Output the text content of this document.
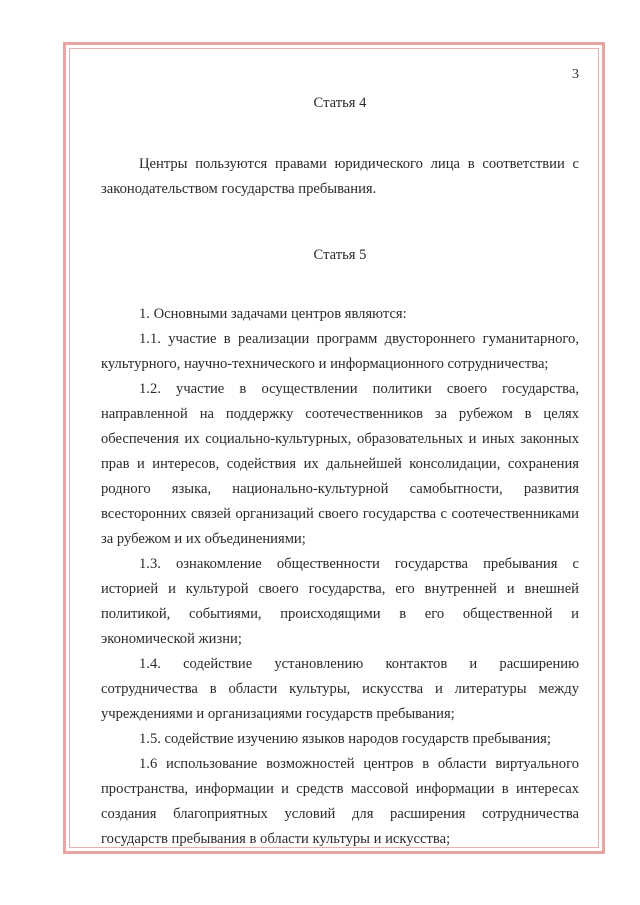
3
Статья 4

Центры пользуются правами юридического лица в соответствии с законодательством государства пребывания.

Статья 5

1. Основными задачами центров являются:

1.1. участие в реализации программ двустороннего гуманитарного, культурного, научно-технического и информационного сотрудничества;

1.2. участие в осуществлении политики своего государства, направленной на поддержку соотечественников за рубежом в целях обеспечения их социально-культурных, образовательных и иных законных прав и интересов, содействия их дальнейшей консолидации, сохранения родного языка, национально-культурной самобытности, развития всесторонних связей организаций своего государства с соотечественниками за рубежом и их объединениями;

1.3. ознакомление общественности государства пребывания с историей и культурой своего государства, его внутренней и внешней политикой, событиями, происходящими в его общественной и экономической жизни;

1.4. содействие установлению контактов и расширению сотрудничества в области культуры, искусства и литературы между учреждениями и организациями государств пребывания;

1.5. содействие изучению языков народов государств пребывания;

1.6 использование возможностей центров в области виртуального пространства, информации и средств массовой информации в интересах создания благоприятных условий для расширения сотрудничества государств пребывания в области культуры и искусства;
